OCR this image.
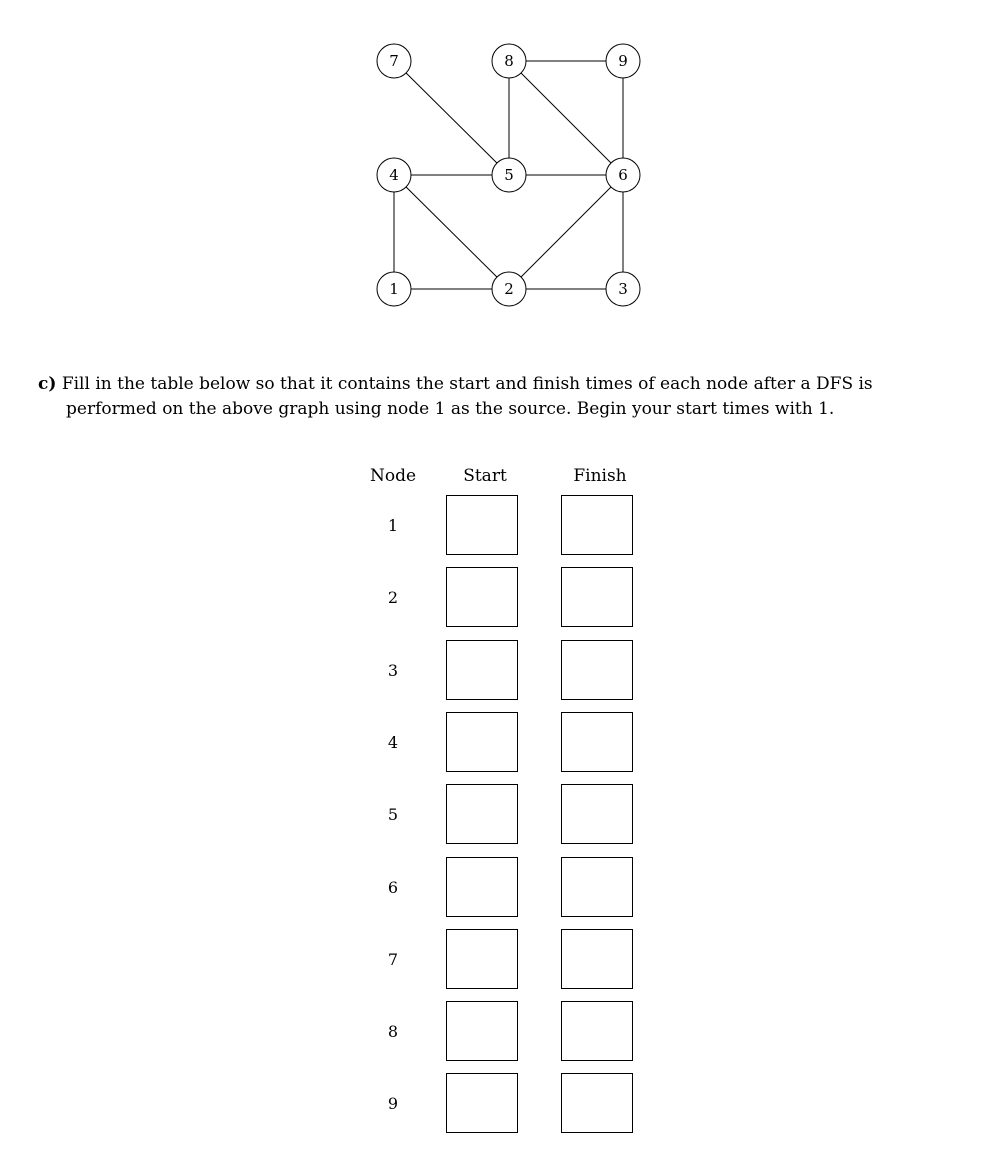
7	8	9
4	5	6
1	2	3
c) Fill in the table below so that it contains the start and finish times of each node after a DFS is
performed on the above graph using node 1 as the source. Begin your start times with 1.
Node	Start	Finish
1
2
3
4
5
6
7
8
9
